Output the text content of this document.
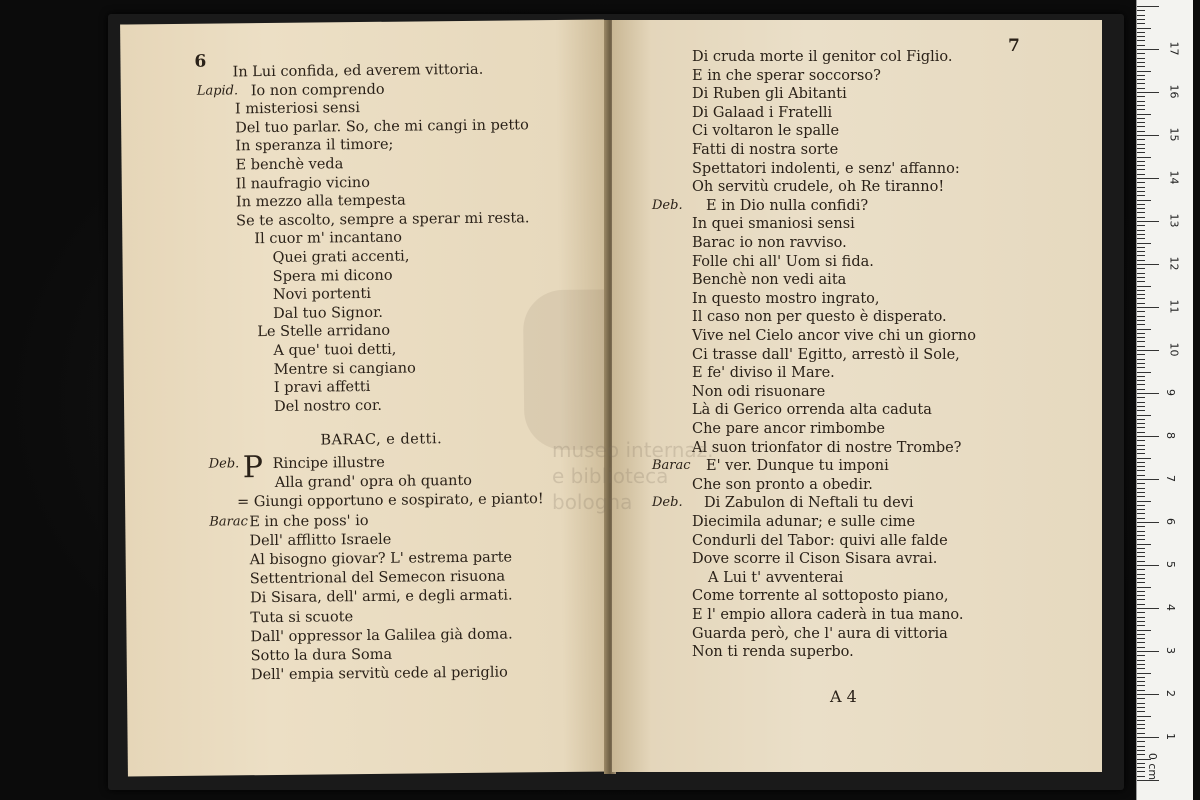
6 In Lui confida, ed averem vittoria.
Lapid. Io non comprendo
I misteriosi sensi
Del tuo parlar. So, che mi cangi in petto
In speranza il timore;
E benchè veda
Il naufragio vicino
In mezzo alla tempesta
Se te ascolto, sempre a sperar mi resta.
Il cuor m' incantano
Quei grati accenti,
Spera mi dicono
Novi portenti
Dal tuo Signor.
Le Stelle arridano
A que' tuoi detti,
Mentre si cangiano
I pravi affetti
Del nostro cor.
BARAC, e detti.
P
Deb. Rincipe illustre
Alla grand' opra oh quanto
= Giungi opportuno e sospirato, e pianto!
Barac E in che poss' io
Dell' afflitto Israele
Al bisogno giovar? L' estrema parte
Settentrional del Semecon risuona
Di Sisara, dell' armi, e degli armati.
Tuta si scuote
Dall' oppressor la Galilea già doma.
Sotto la dura Soma
Dell' empia servitù cede al periglio
7
Di cruda morte il genitor col Figlio.
E in che sperar soccorso?
Di Ruben gli Abitanti
Di Galaad i Fratelli
Ci voltaron le spalle
Fatti di nostra sorte
Spettatori indolenti, e senz' affanno:
Oh servitù crudele, oh Re tiranno!
Deb. E in Dio nulla confidi?
In quei smaniosi sensi
Barac io non ravviso.
Folle chi all' Uom si fida.
Benchè non vedi aita
In questo mostro ingrato,
Il caso non per questo è disperato.
Vive nel Cielo ancor vive chi un giorno
Ci trasse dall' Egitto, arrestò il Sole,
E fe' diviso il Mare.
Non odi risuonare
Là di Gerico orrenda alta caduta
Che pare ancor rimbombe
Al suon trionfator di nostre Trombe?
Barac E' ver. Dunque tu imponi
Che son pronto a obedir.
Deb. Di Zabulon di Neftali tu devi
Diecimila adunar; e sulle cime
Condurli del Tabor: quivi alle falde
Dove scorre il Cison Sisara avrai.
A Lui t' avventerai
Come torrente al sottoposto piano,
E l' empio allora caderà in tua mano.
Guarda però, che l' aura di vittoria
Non ti renda superbo.
A 4
museo internaz.
e biblioteca
bologna
1
2
3
4
5
6
7
8
9
10
11
12
13
14
15
16
17
0 cm
